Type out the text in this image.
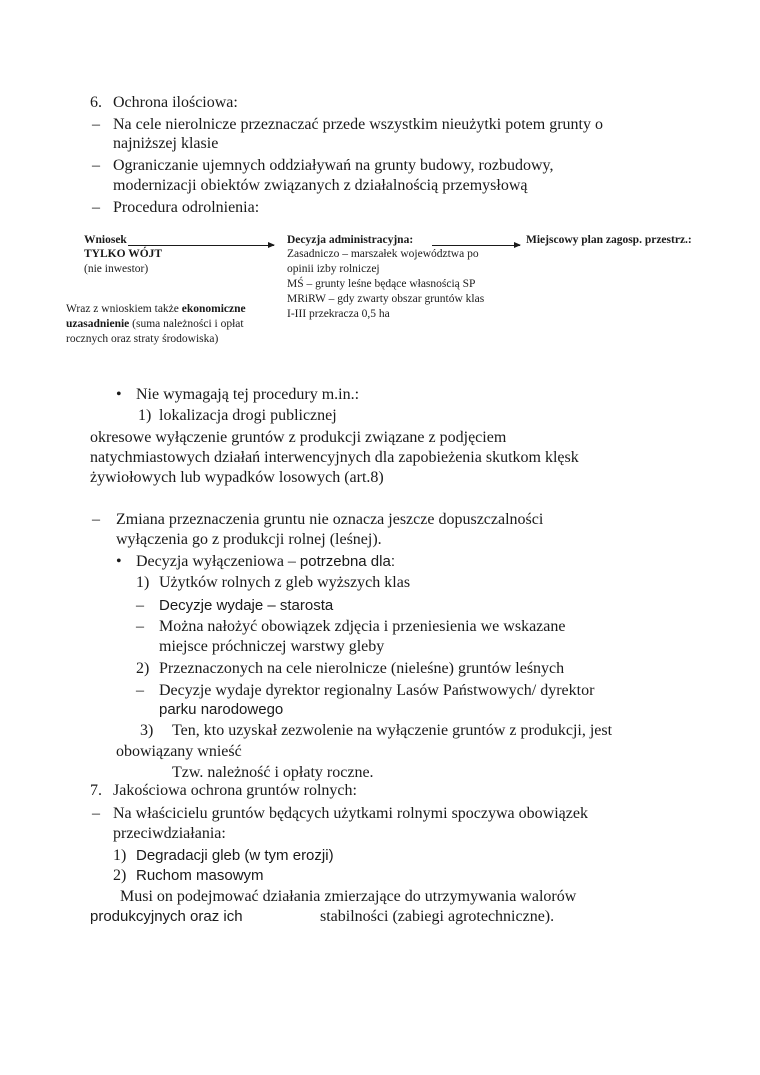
6. Ochrona ilościowa:
– Na cele nierolnicze przeznaczać przede wszystkim nieużytki potem grunty o
najniższej klasie
– Ograniczanie ujemnych oddziaływań na grunty budowy, rozbudowy,
modernizacji obiektów związanych z działalnością przemysłową
– Procedura odrolnienia:
Wniosek
TYLKO WÓJT
(nie inwestor)
Decyzja administracyjna:	Miejscowy plan zagosp. przestrz.:
Zasadniczo – marszałek województwa po
opinii izby rolniczej
MŚ – grunty leśne będące własnością SP
MRiRW – gdy zwarty obszar gruntów klas
I-III przekracza 0,5 ha
Wraz z wnioskiem także ekonomiczne
uzasadnienie (suma należności i opłat
rocznych oraz straty środowiska)
• Nie wymagają tej procedury m.in.:
1) lokalizacja drogi publicznej
okresowe wyłączenie gruntów z produkcji związane z podjęciem
natychmiastowych działań interwencyjnych dla zapobieżenia skutkom klęsk
żywiołowych lub wypadków losowych (art.8)
– Zmiana przeznaczenia gruntu nie oznacza jeszcze dopuszczalności
wyłączenia go z produkcji rolnej (leśnej).
• Decyzja wyłączeniowa – potrzebna dla:
1) Użytków rolnych z gleb wyższych klas
– Decyzje wydaje – starosta
– Można nałożyć obowiązek zdjęcia i przeniesienia we wskazane
miejsce próchniczej warstwy gleby
2) Przeznaczonych na cele nierolnicze (nieleśne) gruntów leśnych
– Decyzje wydaje dyrektor regionalny Lasów Państwowych/ dyrektor
parku narodowego
3) Ten, kto uzyskał zezwolenie na wyłączenie gruntów z produkcji, jest
obowiązany wnieść
Tzw. należność i opłaty roczne.
7. Jakościowa ochrona gruntów rolnych:
– Na właścicielu gruntów będących użytkami rolnymi spoczywa obowiązek
przeciwdziałania:
1) Degradacji gleb (w tym erozji)
2) Ruchom masowym
Musi on podejmować działania zmierzające do utrzymywania walorów
produkcyjnych oraz ich	stabilności (zabiegi agrotechniczne).
